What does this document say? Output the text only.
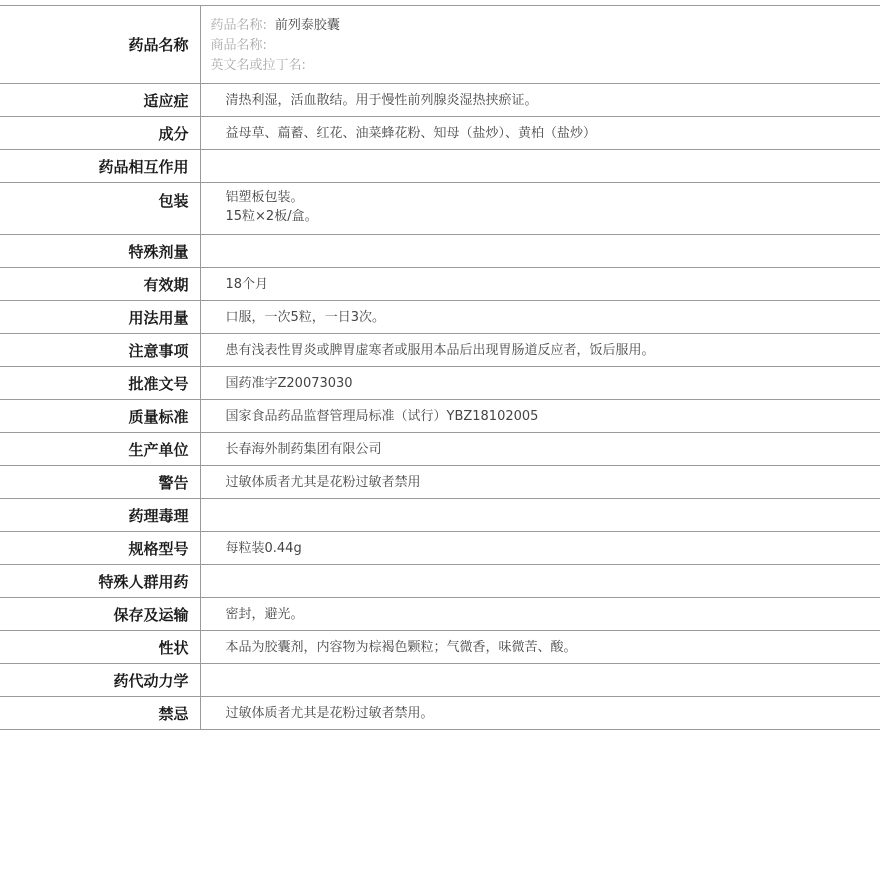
药品名称	药品名称: 前列泰胶囊
商品名称:
英文名或拉丁名:

适应症	清热利湿，活血散结。用于慢性前列腺炎湿热挟瘀证。

成分	益母草、萹蓄、红花、油菜蜂花粉、知母（盐炒）、黄柏（盐炒）

药品相互作用	

包装	铝塑板包装。
15粒×2板/盒。

特殊剂量	

有效期	18个月

用法用量	口服，一次5粒，一日3次。

注意事项	患有浅表性胃炎或脾胃虚寒者或服用本品后出现胃肠道反应者，饭后服用。

批准文号	国药准字Z20073030

质量标准	国家食品药品监督管理局标准（试行）YBZ18102005

生产单位	长春海外制药集团有限公司

警告	过敏体质者尤其是花粉过敏者禁用

药理毒理	

规格型号	每粒装0.44g

特殊人群用药	

保存及运输	密封，避光。

性状	本品为胶囊剂，内容物为棕褐色颗粒；气微香，味微苦、酸。

药代动力学	

禁忌	过敏体质者尤其是花粉过敏者禁用。
